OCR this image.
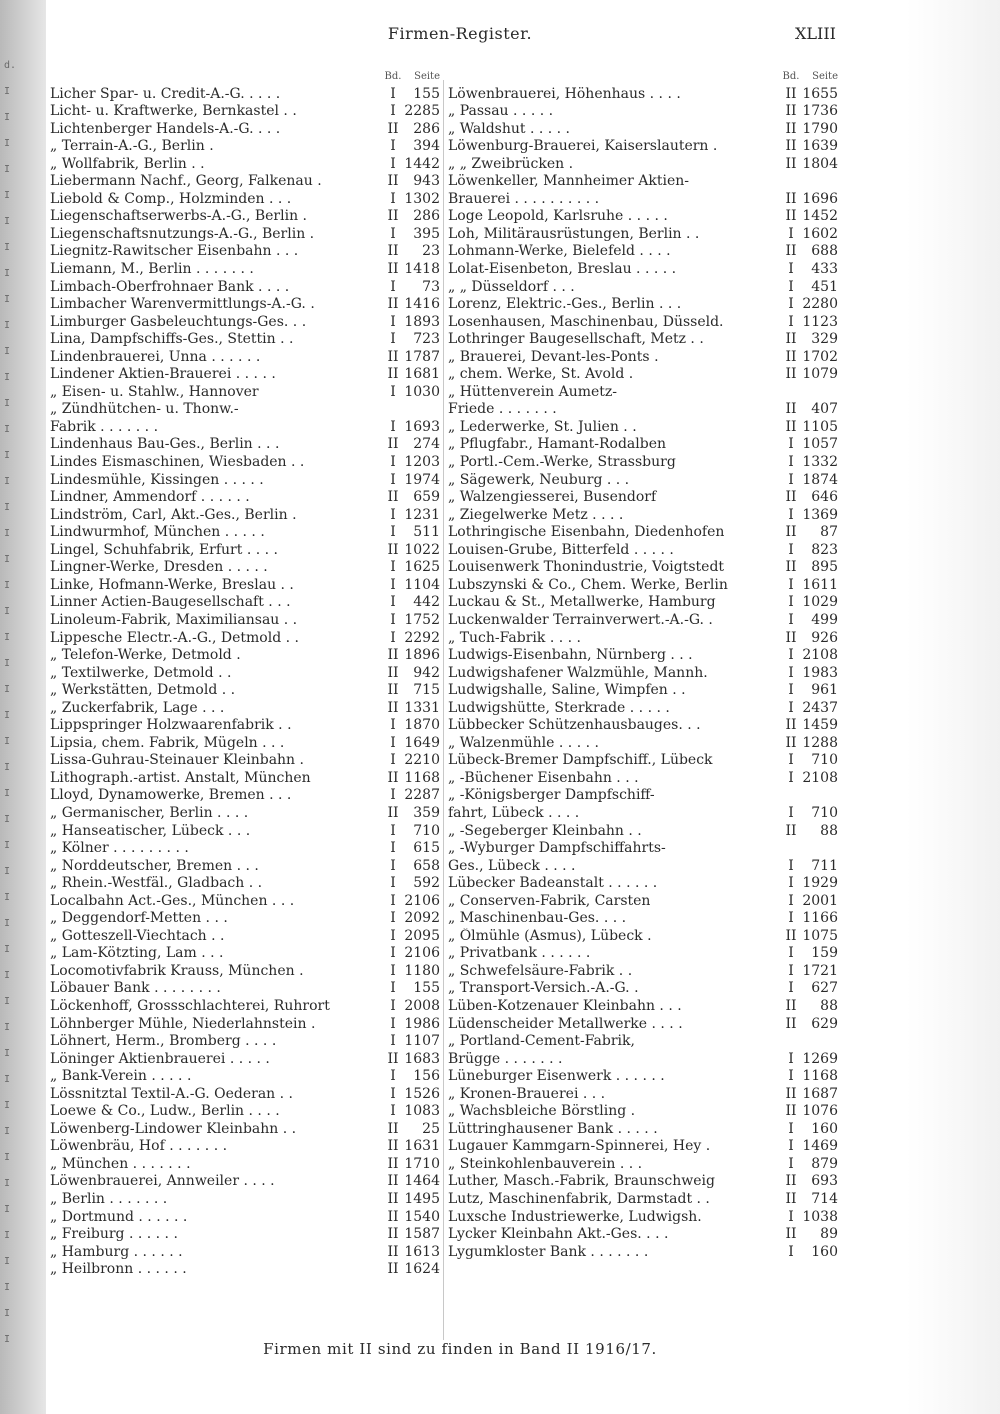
d.
I
I
I
I
I
I
I
I
I
I
I
I
I
I
I
I
I
I
I
I
I
I
I
I
I
I
I
I
I
I
I
I
I
I
I
I
I
I
I
I
I
I
I
I
I
I
I
I
I
Firmen-Register.	XLIII
Bd.	Seite
Licher Spar- u. Credit-A.-G. . . . .	I	155
Licht- u. Kraftwerke, Bernkastel . .	I 2285
Lichtenberger Handels-A.-G. . . .	II	286
„ Terrain-A.-G., Berlin .	I	394
„ Wollfabrik, Berlin . .	I 1442
Liebermann Nachf., Georg, Falkenau .	II	943
Liebold & Comp., Holzminden . . .	I 1302
Liegenschaftserwerbs-A.-G., Berlin .	II	286
Liegenschaftsnutzungs-A.-G., Berlin .	I	395
Liegnitz-Rawitscher Eisenbahn . . .	II	23
Liemann, M., Berlin . . . . . . .	II 1418
Limbach-Oberfrohnaer Bank . . . .	I	73
Limbacher Warenvermittlungs-A.-G. .	II 1416
Limburger Gasbeleuchtungs-Ges. . .	I 1893
Lina, Dampfschiffs-Ges., Stettin . .	I	723
Lindenbrauerei, Unna . . . . . .	II 1787
Lindener Aktien-Brauerei . . . . .	II 1681
„ Eisen- u. Stahlw., Hannover	I 1030
„ Zündhütchen- u. Thonw.-
Fabrik . . . . . . .	I 1693
Lindenhaus Bau-Ges., Berlin . . .	II	274
Lindes Eismaschinen, Wiesbaden . .	I 1203
Lindesmühle, Kissingen . . . . .	I 1974
Lindner, Ammendorf . . . . . .	II	659
Lindström, Carl, Akt.-Ges., Berlin .	I 1231
Lindwurmhof, München . . . . .	I	511
Lingel, Schuhfabrik, Erfurt . . . .	II 1022
Lingner-Werke, Dresden . . . . .	I 1625
Linke, Hofmann-Werke, Breslau . .	I 1104
Linner Actien-Baugesellschaft . . .	I	442
Linoleum-Fabrik, Maximiliansau . .	I 1752
Lippesche Electr.-A.-G., Detmold . .	I 2292
„ Telefon-Werke, Detmold .	II 1896
„ Textilwerke, Detmold . .	II	942
„ Werkstätten, Detmold . .	II	715
„ Zuckerfabrik, Lage . . .	II 1331
Lippspringer Holzwaarenfabrik . .	I 1870
Lipsia, chem. Fabrik, Mügeln . . .	I 1649
Lissa-Guhrau-Steinauer Kleinbahn .	I 2210
Lithograph.-artist. Anstalt, München	II 1168
Lloyd, Dynamowerke, Bremen . . .	I 2287
„ Germanischer, Berlin . . . .	II	359
„ Hanseatischer, Lübeck . . .	I	710
„ Kölner . . . . . . . . .	I	615
„ Norddeutscher, Bremen . . .	I	658
„ Rhein.-Westfäl., Gladbach . .	I	592
Localbahn Act.-Ges., München . . .	I 2106
„ Deggendorf-Metten . . .	I 2092
„ Gotteszell-Viechtach . .	I 2095
„ Lam-Kötzting, Lam . . .	I 2106
Locomotivfabrik Krauss, München .	I 1180
Löbauer Bank . . . . . . . .	I	155
Löckenhoff, Grossschlachterei, Ruhrort	I 2008
Löhnberger Mühle, Niederlahnstein .	I 1986
Löhnert, Herm., Bromberg . . . .	I 1107
Löninger Aktienbrauerei . . . . .	II 1683
„ Bank-Verein . . . . .	I	156
Lössnitztal Textil-A.-G. Oederan . .	I 1526
Loewe & Co., Ludw., Berlin . . . .	I 1083
Löwenberg-Lindower Kleinbahn . .	II	25
Löwenbräu, Hof . . . . . . .	II 1631
„ München . . . . . . .	II 1710
Löwenbrauerei, Annweiler . . . .	II 1464
„ Berlin . . . . . . .	II 1495
„ Dortmund . . . . . .	II 1540
„ Freiburg . . . . . .	II 1587
„ Hamburg . . . . . .	II 1613
„ Heilbronn . . . . . .	II 1624
Bd.	Seite
Löwenbrauerei, Höhenhaus . . . .	II 1655
„ Passau . . . . .	II 1736
„ Waldshut . . . . .	II 1790
Löwenburg-Brauerei, Kaiserslautern .	II 1639
„ „ Zweibrücken .	II 1804
Löwenkeller, Mannheimer Aktien-
Brauerei . . . . . . . . . .	II 1696
Loge Leopold, Karlsruhe . . . . .	II 1452
Loh, Militärausrüstungen, Berlin . .	I 1602
Lohmann-Werke, Bielefeld . . . .	II	688
Lolat-Eisenbeton, Breslau . . . . .	I	433
„ „ Düsseldorf . . .	I	451
Lorenz, Elektric.-Ges., Berlin . . .	I 2280
Losenhausen, Maschinenbau, Düsseld.	I 1123
Lothringer Baugesellschaft, Metz . .	II	329
„ Brauerei, Devant-les-Ponts .	II 1702
„ chem. Werke, St. Avold .	II 1079
„ Hüttenverein Aumetz-
Friede . . . . . . .	II	407
„ Lederwerke, St. Julien . .	II 1105
„ Pflugfabr., Hamant-Rodalben	I 1057
„ Portl.-Cem.-Werke, Strassburg	I 1332
„ Sägewerk, Neuburg . . .	I 1874
„ Walzengiesserei, Busendorf	II	646
„ Ziegelwerke Metz . . . .	I 1369
Lothringische Eisenbahn, Diedenhofen	II	87
Louisen-Grube, Bitterfeld . . . . .	I	823
Louisenwerk Thonindustrie, Voigtstedt	II	895
Lubszynski & Co., Chem. Werke, Berlin	I 1611
Luckau & St., Metallwerke, Hamburg	I 1029
Luckenwalder Terrainverwert.-A.-G. .	I	499
„ Tuch-Fabrik . . . .	II	926
Ludwigs-Eisenbahn, Nürnberg . . .	I 2108
Ludwigshafener Walzmühle, Mannh.	I 1983
Ludwigshalle, Saline, Wimpfen . .	I	961
Ludwigshütte, Sterkrade . . . . .	I 2437
Lübbecker Schützenhausbauges. . .	II 1459
„ Walzenmühle . . . . .	II 1288
Lübeck-Bremer Dampfschiff., Lübeck	I	710
„ -Büchener Eisenbahn . . .	I 2108
„ -Königsberger Dampfschiff-
fahrt, Lübeck . . . .	I	710
„ -Segeberger Kleinbahn . .	II	88
„ -Wyburger Dampfschiffahrts-
Ges., Lübeck . . . .	I	711
Lübecker Badeanstalt . . . . . .	I 1929
„ Conserven-Fabrik, Carsten	I 2001
„ Maschinenbau-Ges. . . .	I 1166
„ Ölmühle (Asmus), Lübeck .	II 1075
„ Privatbank . . . . . .	I	159
„ Schwefelsäure-Fabrik . .	I 1721
„ Transport-Versich.-A.-G. .	I	627
Lüben-Kotzenauer Kleinbahn . . .	II	88
Lüdenscheider Metallwerke . . . .	II	629
„ Portland-Cement-Fabrik,
Brügge . . . . . . .	I 1269
Lüneburger Eisenwerk . . . . . .	I 1168
„ Kronen-Brauerei . . .	II 1687
„ Wachsbleiche Börstling .	II 1076
Lüttringhausener Bank . . . . .	I	160
Lugauer Kammgarn-Spinnerei, Hey .	I 1469
„ Steinkohlenbauverein . . .	I	879
Luther, Masch.-Fabrik, Braunschweig	II	693
Lutz, Maschinenfabrik, Darmstadt . .	II	714
Luxsche Industriewerke, Ludwigsh.	I 1038
Lycker Kleinbahn Akt.-Ges. . . .	II	89
Lygumkloster Bank . . . . . . .	I	160
Firmen mit II sind zu finden in Band II 1916/17.
